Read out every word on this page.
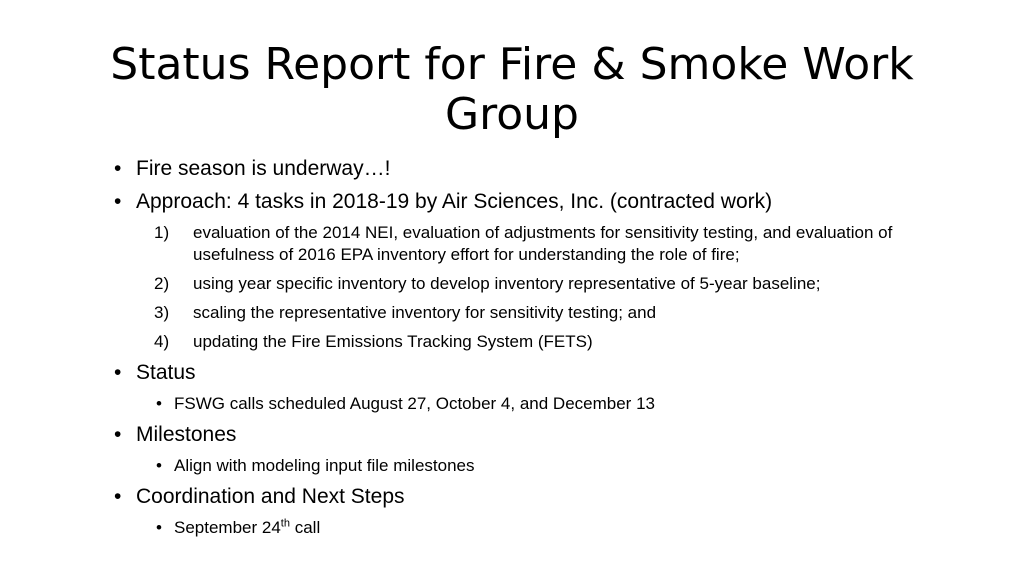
Status Report for Fire & Smoke Work Group
• Fire season is underway…!
• Approach: 4 tasks in 2018-19 by Air Sciences, Inc. (contracted work)
1) evaluation of the 2014 NEI, evaluation of adjustments for sensitivity testing, and evaluation of usefulness of 2016 EPA inventory effort for understanding the role of fire;
2) using year specific inventory to develop inventory representative of 5-year baseline;
3) scaling the representative inventory for sensitivity testing; and
4) updating the Fire Emissions Tracking System (FETS)
• Status
• FSWG calls scheduled August 27, October 4, and December 13
• Milestones
• Align with modeling input file milestones
• Coordination and Next Steps
• September 24th call
